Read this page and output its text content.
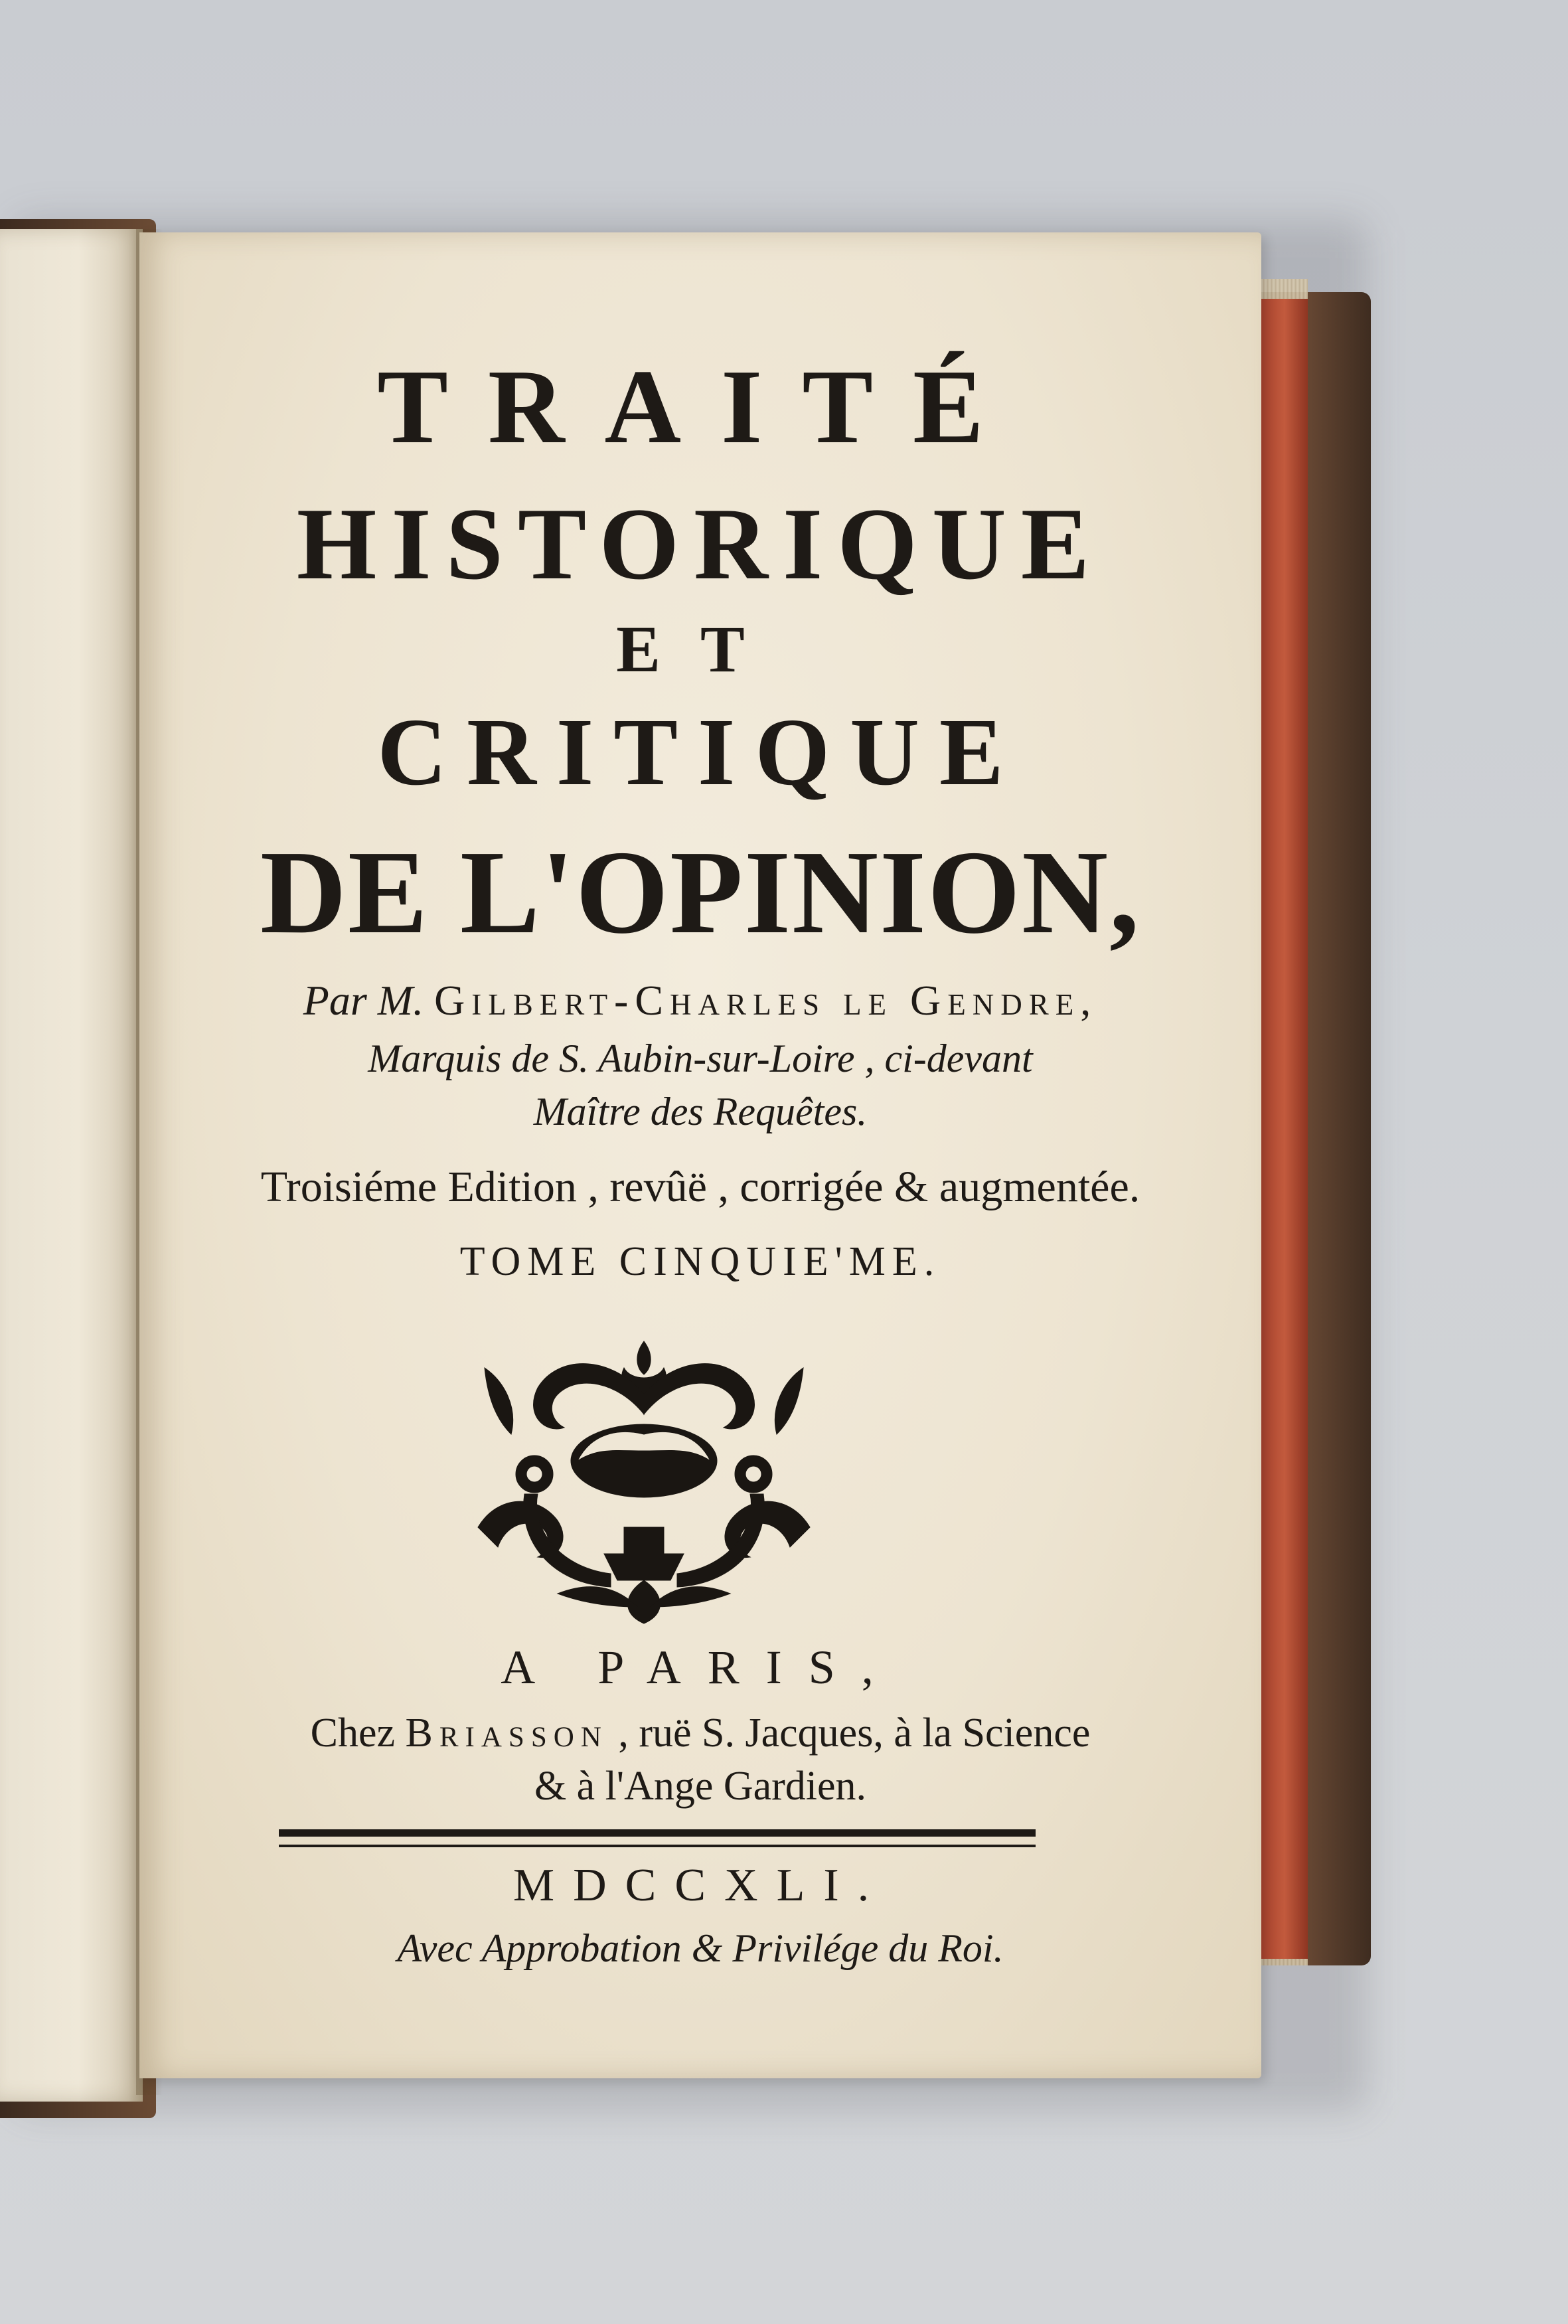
TRAITÉ
HISTORIQUE
ET
CRITIQUE
DE L'OPINION,
Par M. Gilbert-Charles le Gendre,
Marquis de S. Aubin-sur-Loire , ci-devant
Maître des Requêtes.
Troisiéme Edition , revûë , corrigée & augmentée.
TOME CINQUIE'ME.
A PARIS,
Chez Briasson , ruë S. Jacques, à la Science
& à l'Ange Gardien.
MDCCXLI.
Avec Approbation & Privilége du Roi.
